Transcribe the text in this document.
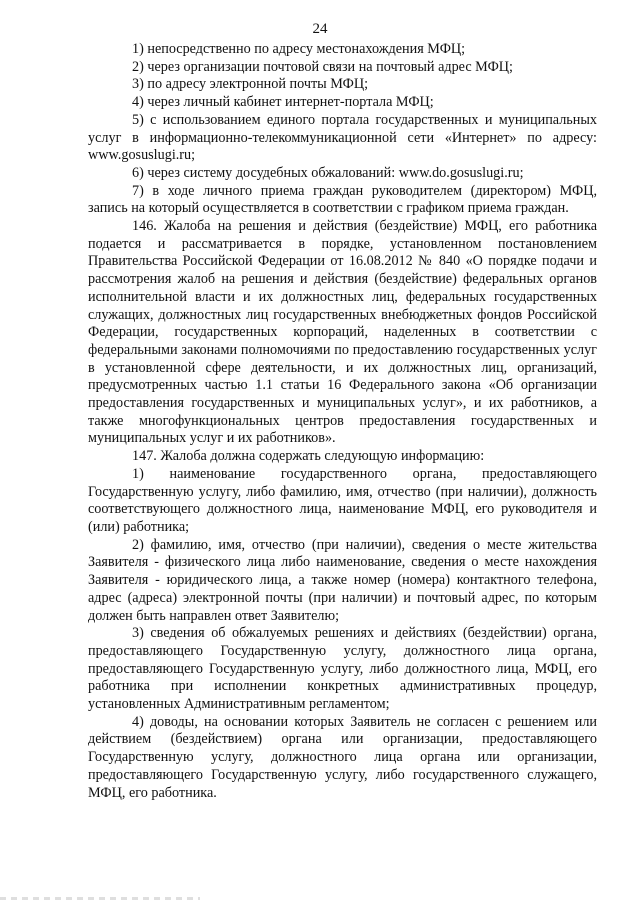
24

1) непосредственно по адресу местонахождения МФЦ;

2) через организации почтовой связи на почтовый адрес МФЦ;

3) по адресу электронной почты МФЦ;

4) через личный кабинет интернет-портала МФЦ;

5) с использованием единого портала государственных и муниципальных услуг в информационно-телекоммуникационной сети «Интернет» по адресу: www.gosuslugi.ru;

6) через систему досудебных обжалований: www.do.gosuslugi.ru;

7) в ходе личного приема граждан руководителем (директором) МФЦ, запись на который осуществляется в соответствии с графиком приема граждан.

146. Жалоба на решения и действия (бездействие) МФЦ, его работника подается и рассматривается в порядке, установленном постановлением Правительства Российской Федерации от 16.08.2012 № 840 «О порядке подачи и рассмотрения жалоб на решения и действия (бездействие) федеральных органов исполнительной власти и их должностных лиц, федеральных государственных служащих, должностных лиц государственных внебюджетных фондов Российской Федерации, государственных корпораций, наделенных в соответствии с федеральными законами полномочиями по предоставлению государственных услуг в установленной сфере деятельности, и их должностных лиц, организаций, предусмотренных частью 1.1 статьи 16 Федерального закона «Об организации предоставления государственных и муниципальных услуг», и их работников, а также многофункциональных центров предоставления государственных и муниципальных услуг и их работников».

147. Жалоба должна содержать следующую информацию:

1) наименование государственного органа, предоставляющего Государственную услугу, либо фамилию, имя, отчество (при наличии), должность соответствующего должностного лица, наименование МФЦ, его руководителя и (или) работника;

2) фамилию, имя, отчество (при наличии), сведения о месте жительства Заявителя - физического лица либо наименование, сведения о месте нахождения Заявителя - юридического лица, а также номер (номера) контактного телефона, адрес (адреса) электронной почты (при наличии) и почтовый адрес, по которым должен быть направлен ответ Заявителю;

3) сведения об обжалуемых решениях и действиях (бездействии) органа, предоставляющего Государственную услугу, должностного лица органа, предоставляющего Государственную услугу, либо должностного лица, МФЦ, его работника при исполнении конкретных административных процедур, установленных Административным регламентом;

4) доводы, на основании которых Заявитель не согласен с решением или действием (бездействием) органа или организации, предоставляющего Государственную услугу, должностного лица органа или организации, предоставляющего Государственную услугу, либо государственного служащего, МФЦ, его работника.
